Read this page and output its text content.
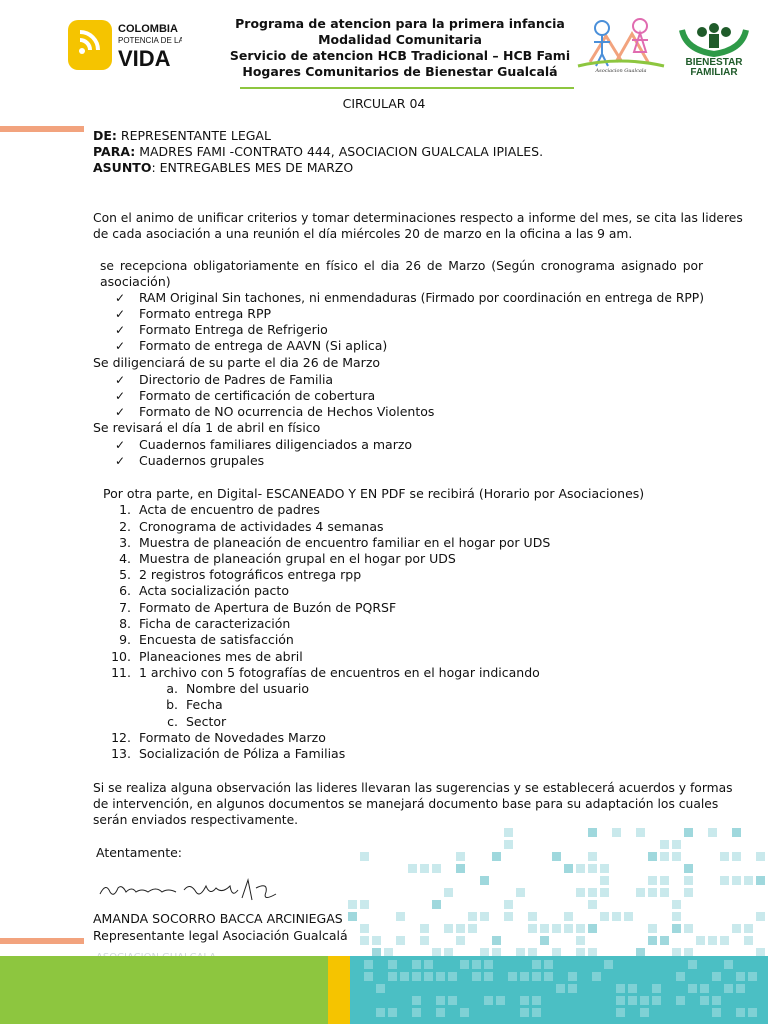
COLOMBIA
POTENCIA DE LA
VIDA
Programa de atencion para la primera infancia
Modalidad Comunitaria
Servicio de atencion HCB Tradicional – HCB Fami
Hogares Comunitarios de Bienestar Gualcalá	Asociacion Gualcala
BIENESTAR
FAMILIAR
CIRCULAR 04
DE: REPRESENTANTE LEGAL
PARA: MADRES FAMI -CONTRATO 444, ASOCIACION GUALCALA IPIALES.
ASUNTO: ENTREGABLES MES DE MARZO
Con el animo de unificar criterios y tomar determinaciones respecto a informe del mes, se cita las lideres
de cada asociación a una reunión el día miércoles 20 de marzo en la oficina a las 9 am.
se recepciona obligatoriamente en físico el dia 26 de Marzo (Según cronograma asignado por
asociación)
✓ RAM Original Sin tachones, ni enmendaduras (Firmado por coordinación en entrega de RPP)
✓ Formato entrega RPP
✓ Formato Entrega de Refrigerio
✓ Formato de entrega de AAVN (Si aplica)
Se diligenciará de su parte el dia 26 de Marzo
✓ Directorio de Padres de Familia
✓ Formato de certificación de cobertura
✓ Formato de NO ocurrencia de Hechos Violentos
Se revisará el día 1 de abril en físico
✓ Cuadernos familiares diligenciados a marzo
✓ Cuadernos grupales
Por otra parte, en Digital- ESCANEADO Y EN PDF se recibirá (Horario por Asociaciones)
1. Acta de encuentro de padres
2. Cronograma de actividades 4 semanas
3. Muestra de planeación de encuentro familiar en el hogar por UDS
4. Muestra de planeación grupal en el hogar por UDS
5. 2 registros fotográficos entrega rpp
6. Acta socialización pacto
7. Formato de Apertura de Buzón de PQRSF
8. Ficha de caracterización
9. Encuesta de satisfacción
10. Planeaciones mes de abril
11. 1 archivo con 5 fotografías de encuentros en el hogar indicando
a. Nombre del usuario
b. Fecha
c. Sector
12. Formato de Novedades Marzo
13. Socialización de Póliza a Familias
Si se realiza alguna observación las lideres llevaran las sugerencias y se establecerá acuerdos y formas
de intervención, en algunos documentos se manejará documento base para su adaptación los cuales
serán enviados respectivamente.
Atentamente:
AMANDA SOCORRO BACCA ARCINIEGAS
Representante legal Asociación Gualcalá
